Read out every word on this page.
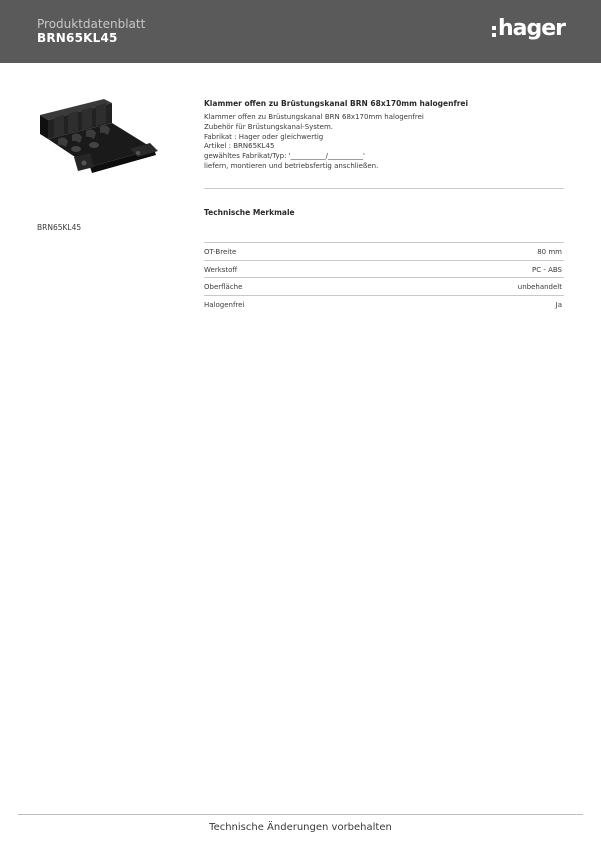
Produktdatenblatt
BRN65KL45	hager
BRN65KL45
Klammer offen zu Brüstungskanal BRN 68x170mm halogenfrei
Klammer offen zu Brüstungskanal BRN 68x170mm halogenfrei
Zubehör für Brüstungskanal-System.
Fabrikat : Hager oder gleichwertig
Artikel : BRN65KL45
gewähltes Fabrikat/Typ: '__________/__________'
liefern, montieren und betriebsfertig anschließen.
Technische Merkmale
OT-Breite	80 mm
Werkstoff	PC - ABS
Oberfläche	unbehandelt
Halogenfrei	Ja
Technische Änderungen vorbehalten
